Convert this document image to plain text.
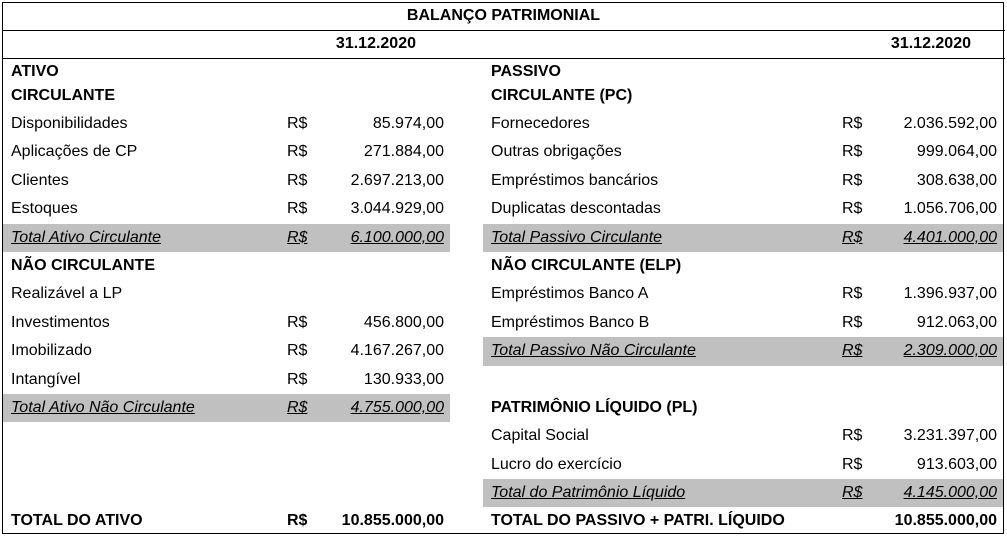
BALANÇO PATRIMONIAL
31.12.2020	31.12.2020
ATIVO
CIRCULANTE
Disponibilidades	R$	85.974,00
Aplicações de CP	R$	271.884,00
Clientes	R$	2.697.213,00
Estoques	R$	3.044.929,00
Total Ativo Circulante	R$	6.100.000,00
NÃO CIRCULANTE
Realizável a LP
Investimentos	R$	456.800,00
Imobilizado	R$	4.167.267,00
Intangível	R$	130.933,00
Total Ativo Não Circulante	R$	4.755.000,00
TOTAL DO ATIVO	R$ 10.855.000,00
PASSIVO
CIRCULANTE (PC)
Fornecedores	R$	2.036.592,00
Outras obrigações	R$	999.064,00
Empréstimos bancários	R$	308.638,00
Duplicatas descontadas	R$	1.056.706,00
Total Passivo Circulante	R$	4.401.000,00
NÃO CIRCULANTE (ELP)
Empréstimos Banco A	R$	1.396.937,00
Empréstimos Banco B	R$	912.063,00
Total Passivo Não Circulante	R$	2.309.000,00
PATRIMÔNIO LÍQUIDO (PL)
Capital Social	R$	3.231.397,00
Lucro do exercício	R$	913.603,00
Total do Patrimônio Líquido	R$	4.145.000,00
TOTAL DO PASSIVO + PATRI. LÍQUIDO	10.855.000,00
